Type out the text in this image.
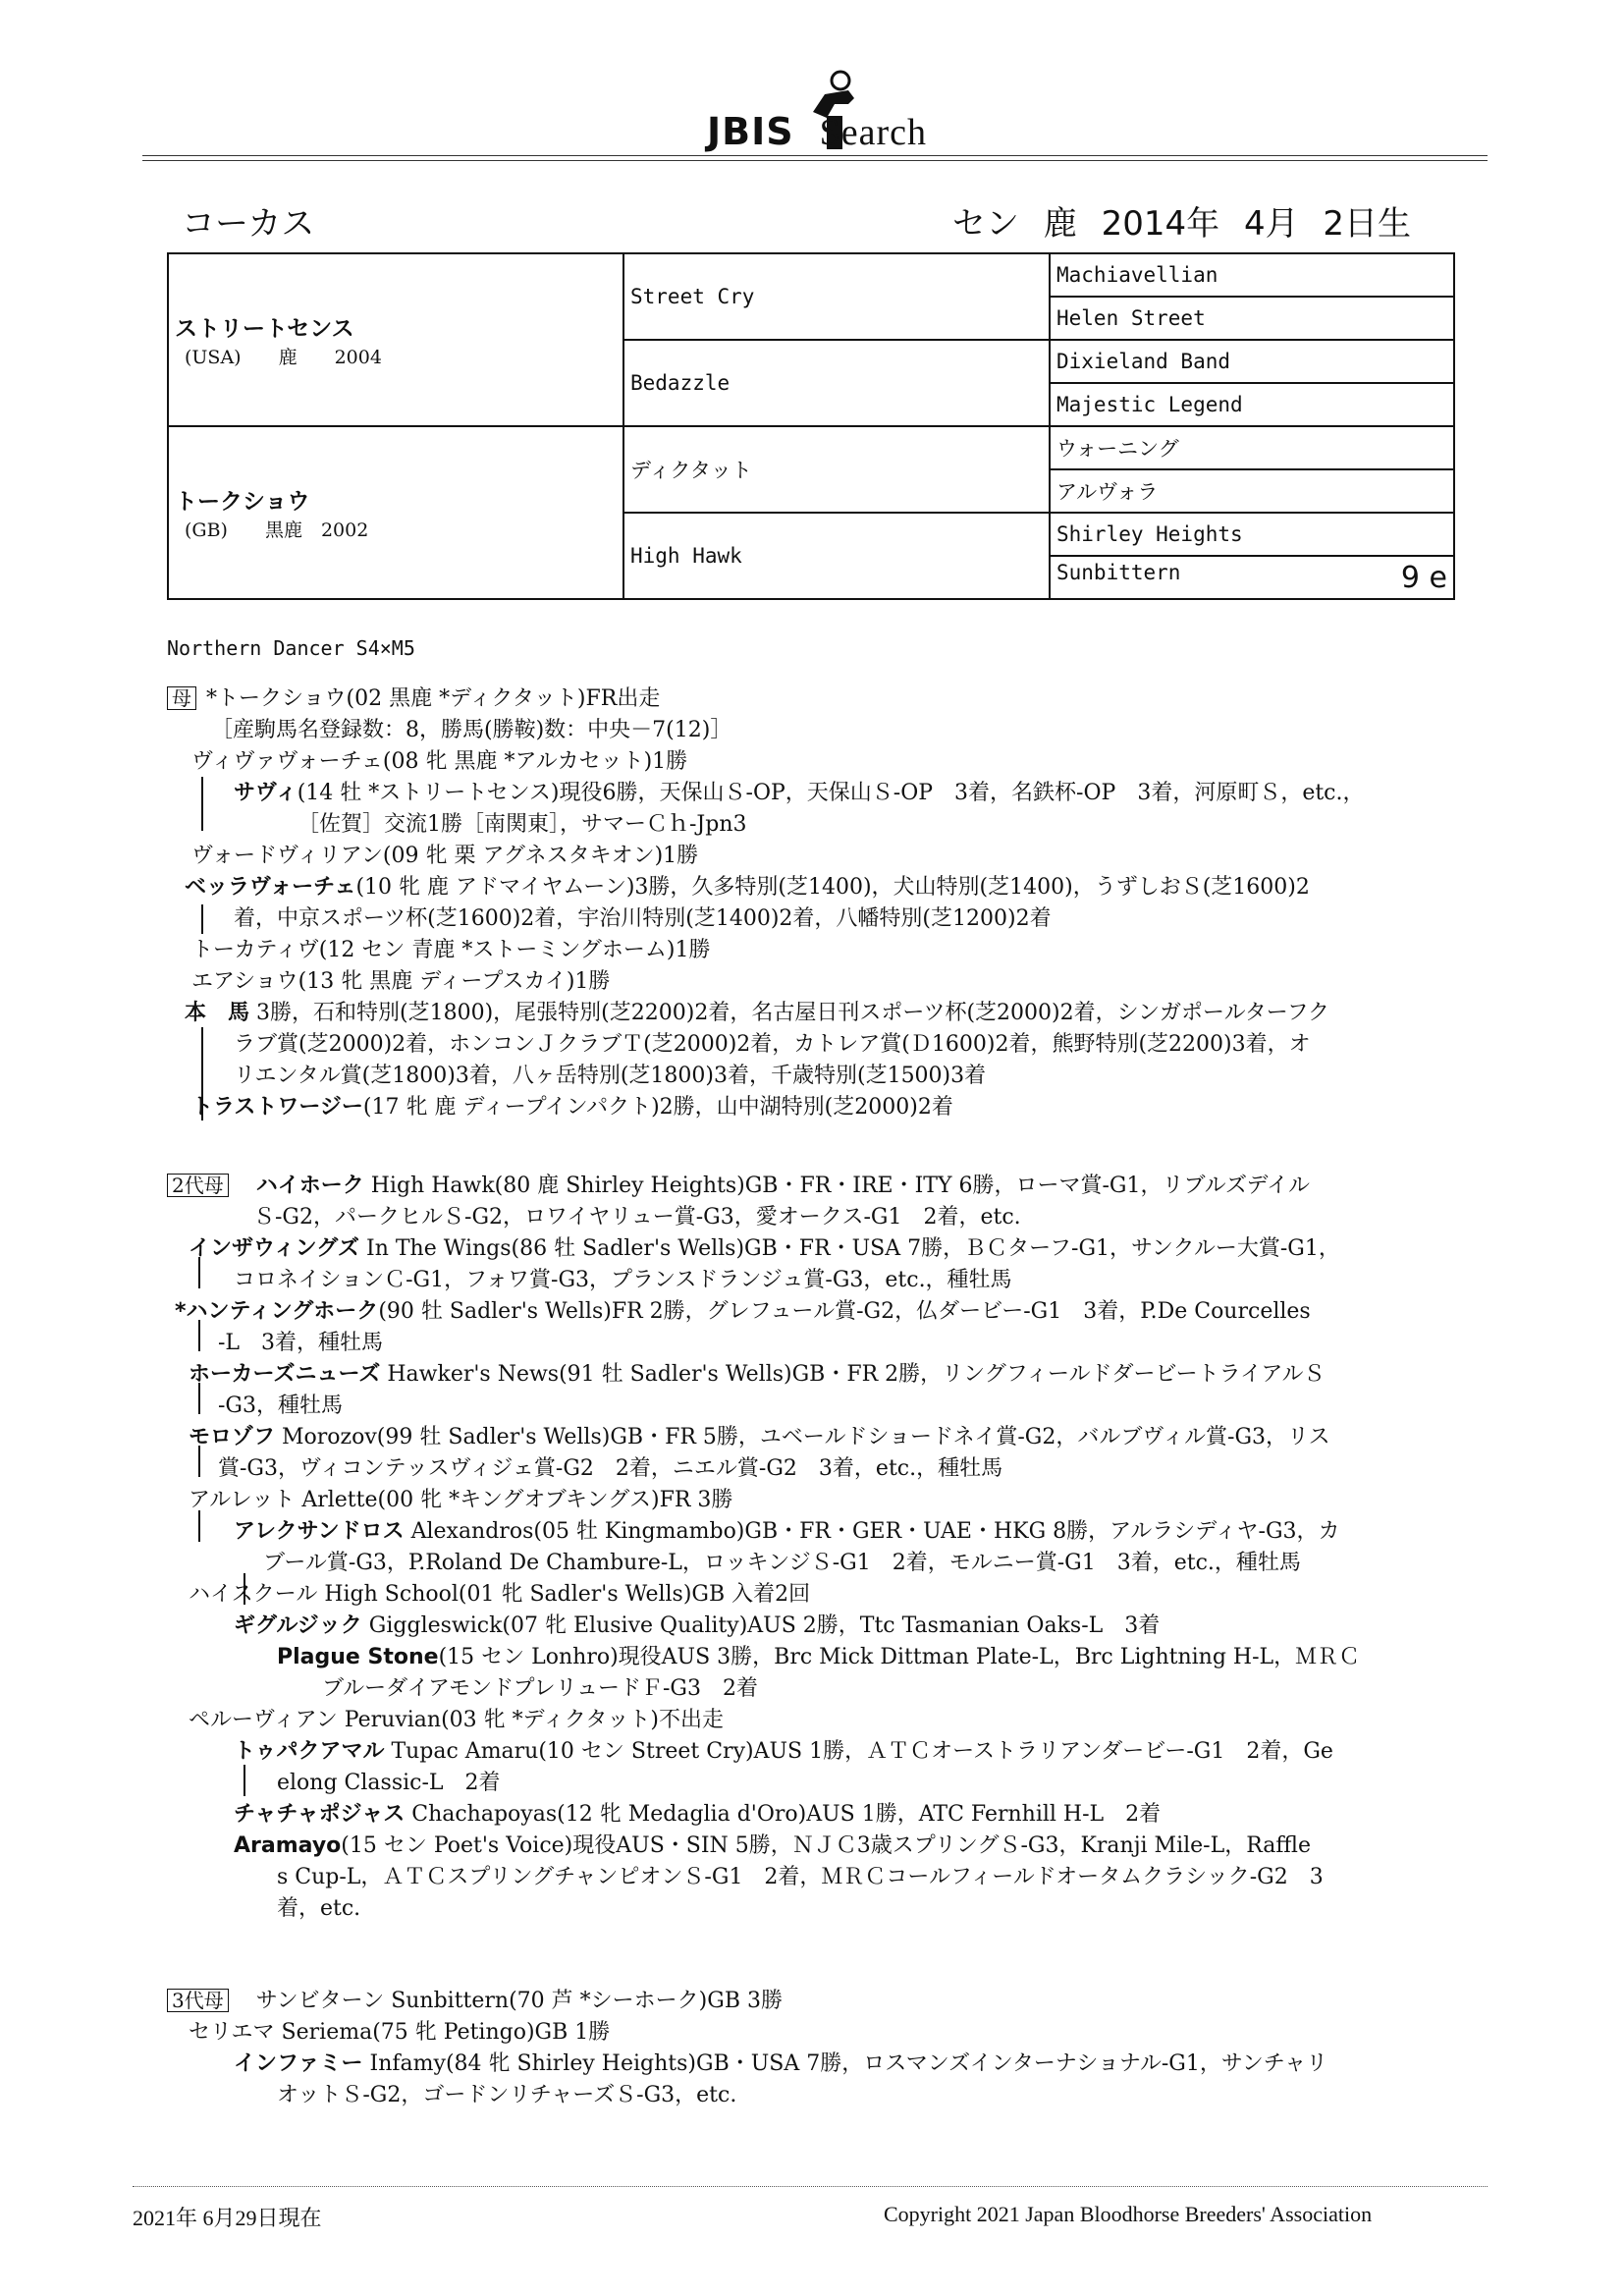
JBIS Search
コーカス	セン 鹿 2014年 4月 2日生
ストリートセンス
(USA)　　鹿　　2004	Street Cry	Machiavellian
		Helen Street
	Bedazzle	Dixieland Band
		Majestic Legend

トークショウ
(GB)　　黒鹿　2002	ディクタット	ウォーニング
		アルヴォラ
	High Hawk	Shirley Heights
		Sunbittern 9 e
Northern Dancer S4×M5
母 *トークショウ(02 黒鹿 *ディクタット)FR出走
［産駒馬名登録数：8，勝馬(勝鞍)数：中央－7(12)］
ヴィヴァヴォーチェ(08 牝 黒鹿 *アルカセット)1勝
サヴィ(14 牡 *ストリートセンス)現役6勝，天保山Ｓ-OP，天保山Ｓ-OP　3着，名鉄杯-OP　3着，河原町Ｓ，etc.，
［佐賀］交流1勝［南関東］，サマーＣｈ-Jpn3
ヴォードヴィリアン(09 牝 栗 アグネスタキオン)1勝
ベッラヴォーチェ(10 牝 鹿 アドマイヤムーン)3勝，久多特別(芝1400)，犬山特別(芝1400)，うずしおＳ(芝1600)2
着，中京スポーツ杯(芝1600)2着，宇治川特別(芝1400)2着，八幡特別(芝1200)2着
トーカティヴ(12 セン 青鹿 *ストーミングホーム)1勝
エアショウ(13 牝 黒鹿 ディープスカイ)1勝
本　馬 3勝，石和特別(芝1800)，尾張特別(芝2200)2着，名古屋日刊スポーツ杯(芝2000)2着，シンガポールターフク
ラブ賞(芝2000)2着，ホンコンＪクラブＴ(芝2000)2着，カトレア賞(Ｄ1600)2着，熊野特別(芝2200)3着，オ
リエンタル賞(芝1800)3着，八ヶ岳特別(芝1800)3着，千歳特別(芝1500)3着
トラストワージー(17 牝 鹿 ディープインパクト)2勝，山中湖特別(芝2000)2着
2代母 ハイホーク High Hawk(80 鹿 Shirley Heights)GB・FR・IRE・ITY 6勝，ローマ賞-G1，リブルズデイル
Ｓ-G2，パークヒルＳ-G2，ロワイヤリュー賞-G3，愛オークス-G1　2着，etc.
インザウィングズ In The Wings(86 牡 Sadler's Wells)GB・FR・USA 7勝，ＢＣターフ-G1，サンクルー大賞-G1，
コロネイションＣ-G1，フォワ賞-G3，プランスドランジュ賞-G3，etc.，種牡馬
*ハンティングホーク(90 牡 Sadler's Wells)FR 2勝，グレフュール賞-G2，仏ダービー-G1　3着，P.De Courcelles
-L　3着，種牡馬
ホーカーズニューズ Hawker's News(91 牡 Sadler's Wells)GB・FR 2勝，リングフィールドダービートライアルＳ
-G3，種牡馬
モロゾフ Morozov(99 牡 Sadler's Wells)GB・FR 5勝，ユベールドショードネイ賞-G2，バルブヴィル賞-G3，リス
賞-G3，ヴィコンテッスヴィジェ賞-G2　2着，ニエル賞-G2　3着，etc.，種牡馬
アルレット Arlette(00 牝 *キングオブキングス)FR 3勝
アレクサンドロス Alexandros(05 牡 Kingmambo)GB・FR・GER・UAE・HKG 8勝，アルラシディヤ-G3，カ
ブール賞-G3，P.Roland De Chambure-L，ロッキンジＳ-G1　2着，モルニー賞-G1　3着，etc.，種牡馬
ハイスクール High School(01 牝 Sadler's Wells)GB 入着2回
ギグルジック Giggleswick(07 牝 Elusive Quality)AUS 2勝，Ttc Tasmanian Oaks-L　3着
Plague Stone(15 セン Lonhro)現役AUS 3勝，Brc Mick Dittman Plate-L，Brc Lightning H-L，ＭＲＣ
ブルーダイアモンドプレリュードＦ-G3　2着
ペルーヴィアン Peruvian(03 牝 *ディクタット)不出走
トゥパクアマル Tupac Amaru(10 セン Street Cry)AUS 1勝，ＡＴＣオーストラリアンダービー-G1　2着，Ge
elong Classic-L　2着
チャチャポジャス Chachapoyas(12 牝 Medaglia d'Oro)AUS 1勝，ATC Fernhill H-L　2着
Aramayo(15 セン Poet's Voice)現役AUS・SIN 5勝，ＮＪＣ3歳スプリングＳ-G3，Kranji Mile-L，Raffle
s Cup-L，ＡＴＣスプリングチャンピオンＳ-G1　2着，ＭＲＣコールフィールドオータムクラシック-G2　3
着，etc.
3代母 サンビターン Sunbittern(70 芦 *シーホーク)GB 3勝
セリエマ Seriema(75 牝 Petingo)GB 1勝
インファミー Infamy(84 牝 Shirley Heights)GB・USA 7勝，ロスマンズインターナショナル-G1，サンチャリ
オットＳ-G2，ゴードンリチャーズＳ-G3，etc.
2021年 6月29日現在	Copyright 2021 Japan Bloodhorse Breeders' Association
